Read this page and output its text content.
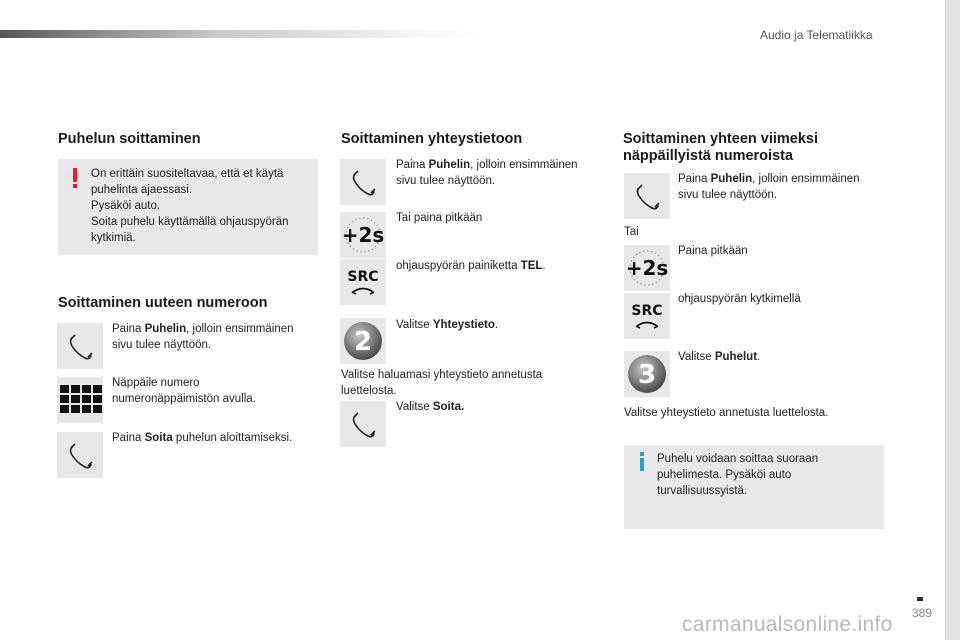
Audio ja Telematiikka
Puhelun soittaminen
On erittäin suositeltavaa, että et käytä
puhelinta ajaessasi.
Pysäköi auto.
Soita puhelu käyttämällä ohjauspyörän
kytkimiä.
Soittaminen uuteen numeroon
Paina Puhelin, jolloin ensimmäinen
sivu tulee näyttöön.
Näppäile numero
numeronäppäimistön avulla.
Paina Soita puhelun aloittamiseksi.
Soittaminen yhteystietoon
Paina Puhelin, jolloin ensimmäinen
sivu tulee näyttöön.
+2s
Tai paina pitkään
SRC
ohjauspyörän painiketta TEL.
2
Valitse Yhteystieto.
Valitse haluamasi yhteystieto annetusta
luettelosta.
Valitse Soita.
Soittaminen yhteen viimeksi
näppäillyistä numeroista
Paina Puhelin, jolloin ensimmäinen
sivu tulee näyttöön.
Tai
+2s
Paina pitkään
SRC
ohjauspyörän kytkimellä
3
Valitse Puhelut.
Valitse yhteystieto annetusta luettelosta.
Puhelu voidaan soittaa suoraan
puhelimesta. Pysäköi auto
turvallisuussyistä.
389
carmanualsonline.info
